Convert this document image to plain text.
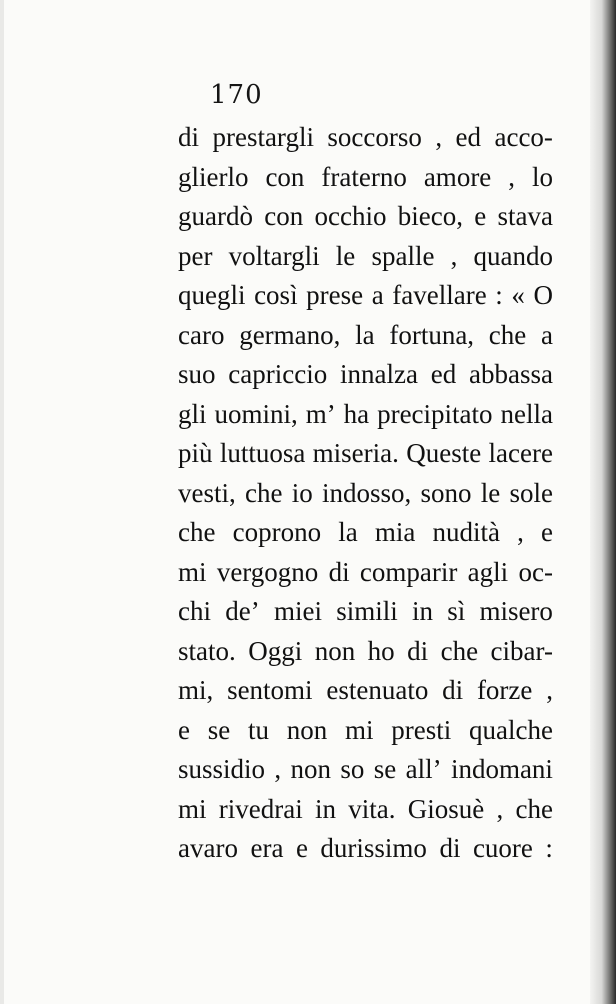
170
di prestargli soccorso , ed acco-
glierlo con fraterno amore , lo
guardò con occhio bieco, e stava
per voltargli le spalle , quando
quegli così prese a favellare : « O
caro germano, la fortuna, che a
suo capriccio innalza ed abbassa
gli uomini, m’ ha precipitato nella
più luttuosa miseria. Queste lacere
vesti, che io indosso, sono le sole
che coprono la mia nudità , e
mi vergogno di comparir agli oc-
chi de’ miei simili in sì misero
stato. Oggi non ho di che cibar-
mi, sentomi estenuato di forze ,
e se tu non mi presti qualche
sussidio , non so se all’ indomani
mi rivedrai in vita. Giosuè , che
avaro era e durissimo di cuore :
